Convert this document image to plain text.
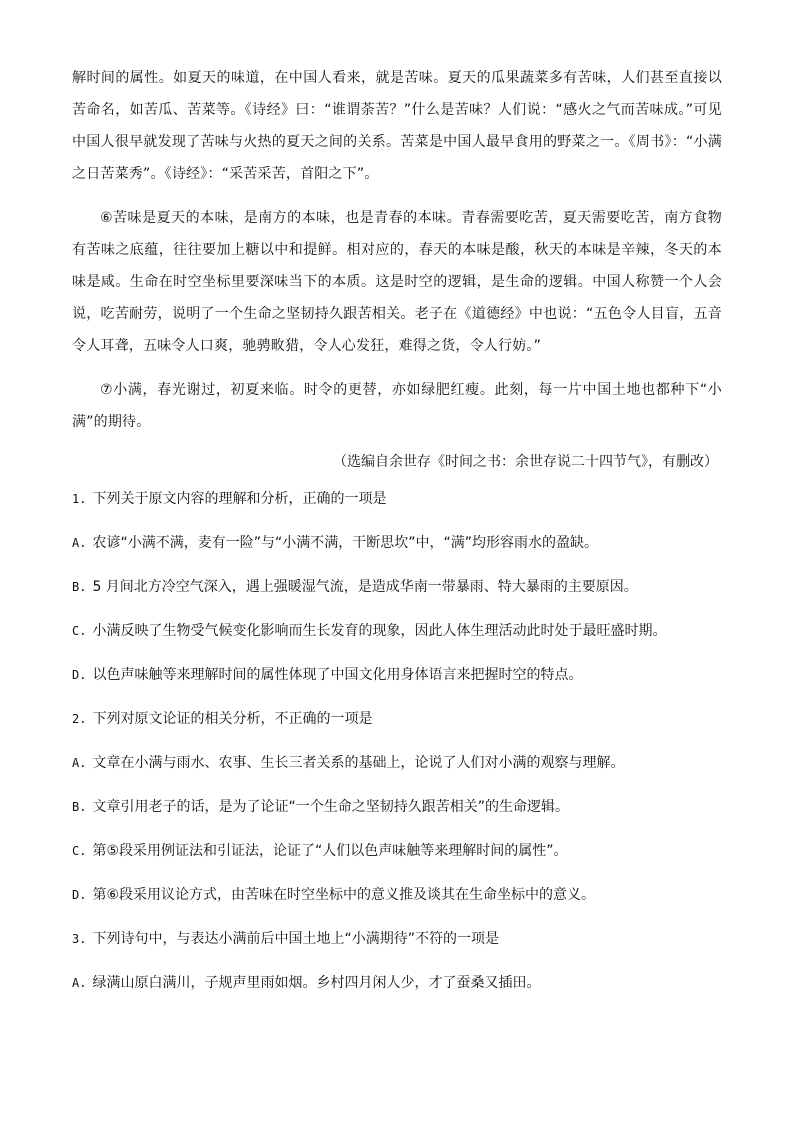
解时间的属性。如夏天的味道，在中国人看来，就是苦味。夏天的瓜果蔬菜多有苦味，人们甚至直接以苦命名，如苦瓜、苦菜等。《诗经》曰：“谁谓荼苦？”什么是苦味？人们说：“感火之气而苦味成。”可见中国人很早就发现了苦味与火热的夏天之间的关系。苦菜是中国人最早食用的野菜之一。《周书》：“小满之日苦菜秀”。《诗经》：“采苦采苦，首阳之下”。

⑥苦味是夏天的本味，是南方的本味，也是青春的本味。青春需要吃苦，夏天需要吃苦，南方食物有苦味之底蕴，往往要加上糖以中和提鲜。相对应的，春天的本味是酸，秋天的本味是辛辣，冬天的本味是咸。生命在时空坐标里要深味当下的本质。这是时空的逻辑，是生命的逻辑。中国人称赞一个人会说，吃苦耐劳，说明了一个生命之坚韧持久跟苦相关。老子在《道德经》中也说：“五色令人目盲，五音令人耳聋，五味令人口爽，驰骋畋猎，令人心发狂，难得之货，令人行妨。”

⑦小满，春光谢过，初夏来临。时令的更替，亦如绿肥红瘦。此刻，每一片中国土地也都种下“小满”的期待。

（选编自余世存《时间之书：余世存说二十四节气》，有删改）

1. 下列关于原文内容的理解和分析，正确的一项是

A. 农谚“小满不满，麦有一险”与“小满不满，干断思坎”中，“满”均形容雨水的盈缺。

B. 5 月间北方冷空气深入，遇上强暖湿气流，是造成华南一带暴雨、特大暴雨的主要原因。

C. 小满反映了生物受气候变化影响而生长发育的现象，因此人体生理活动此时处于最旺盛时期。

D. 以色声味触等来理解时间的属性体现了中国文化用身体语言来把握时空的特点。

2. 下列对原文论证的相关分析，不正确的一项是

A. 文章在小满与雨水、农事、生长三者关系的基础上，论说了人们对小满的观察与理解。

B. 文章引用老子的话，是为了论证“一个生命之坚韧持久跟苦相关”的生命逻辑。

C. 第⑤段采用例证法和引证法，论证了“人们以色声味触等来理解时间的属性”。

D. 第⑥段采用议论方式，由苦味在时空坐标中的意义推及谈其在生命坐标中的意义。

3. 下列诗句中，与表达小满前后中国土地上“小满期待”不符的一项是

A. 绿满山原白满川，子规声里雨如烟。乡村四月闲人少，才了蚕桑又插田。
